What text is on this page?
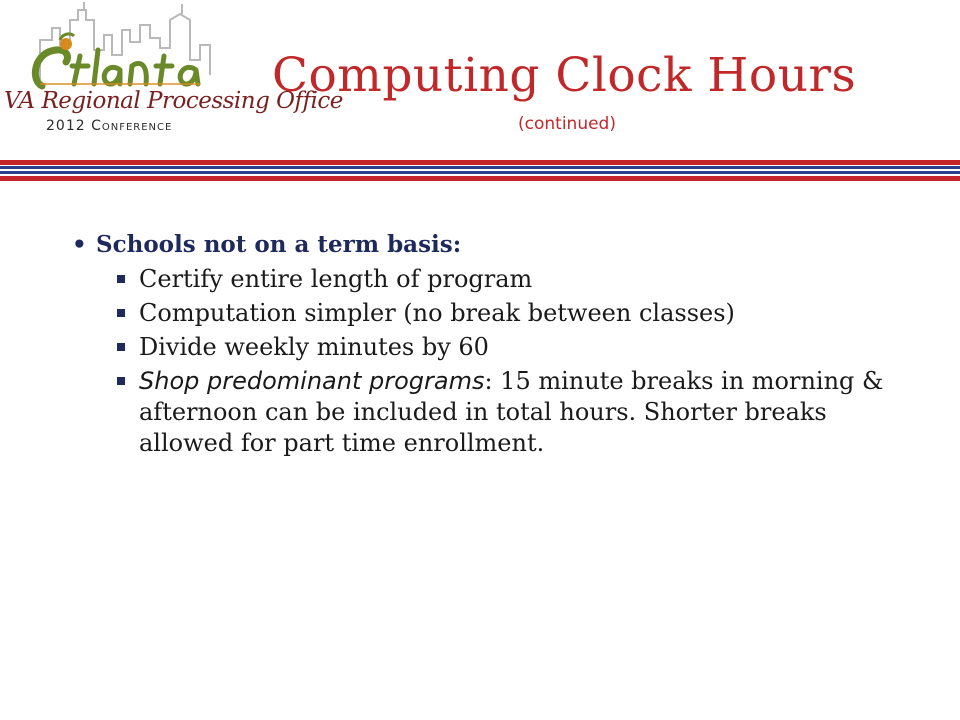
VA Regional Processing Office
2012 Conference
Computing Clock Hours
(continued)
• Schools not on a term basis:
Certify entire length of program
Computation simpler (no break between classes)
Divide weekly minutes by 60
Shop predominant programs: 15 minute breaks in morning & afternoon can be included in total hours. Shorter breaks allowed for part time enrollment.
